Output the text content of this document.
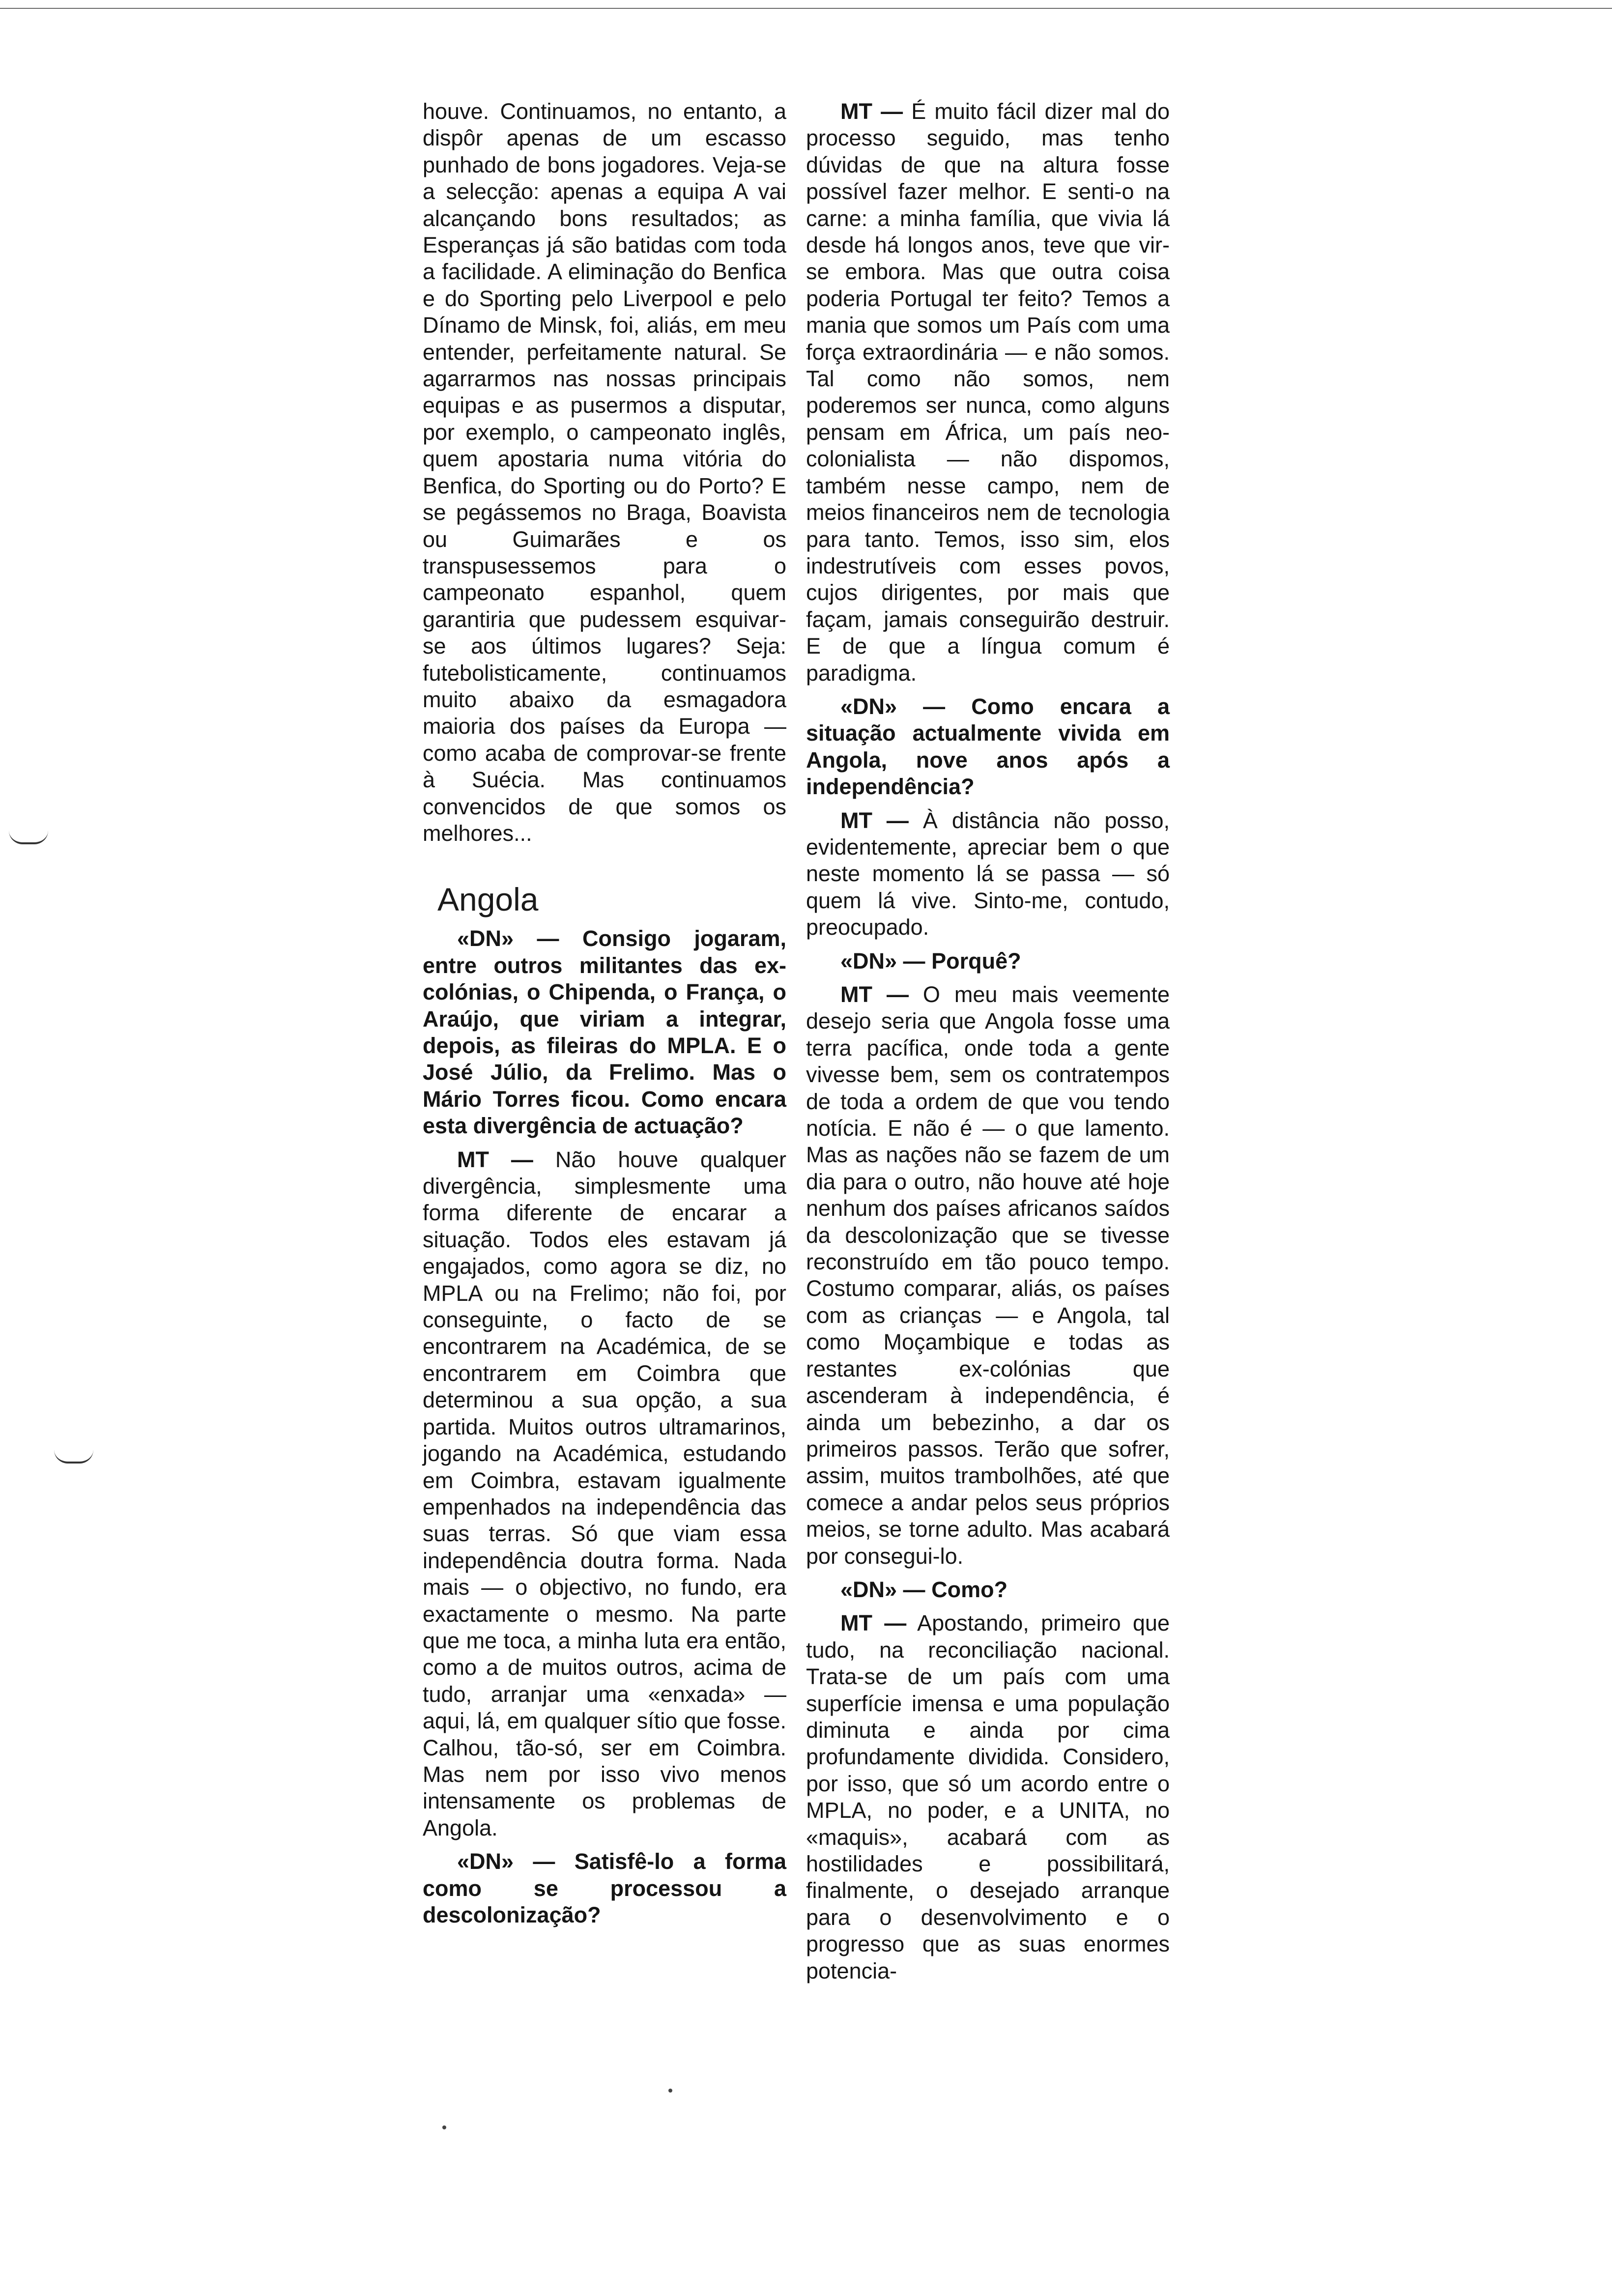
houve. Continuamos, no entanto, a dispôr apenas de um escasso punhado de bons jogadores. Veja-se a selecção: apenas a equipa A vai alcançando bons resultados; as Esperanças já são batidas com toda a facilidade. A eliminação do Benfica e do Sporting pelo Liverpool e pelo Dínamo de Minsk, foi, aliás, em meu entender, perfeitamente natural. Se agarrarmos nas nossas principais equipas e as pusermos a disputar, por exemplo, o campeonato inglês, quem apostaria numa vitória do Benfica, do Sporting ou do Porto? E se pegássemos no Braga, Boavista ou Guimarães e os transpusessemos para o campeonato espanhol, quem garantiria que pudessem esquivar-se aos últimos lugares? Seja: futebolisticamente, continuamos muito abaixo da esmagadora maioria dos países da Europa — como acaba de comprovar-se frente à Suécia. Mas continuamos convencidos de que somos os melhores...

Angola

«DN» — Consigo jogaram, entre outros militantes das ex-colónias, o Chipenda, o França, o Araújo, que viriam a integrar, depois, as fileiras do MPLA. E o José Júlio, da Frelimo. Mas o Mário Torres ficou. Como encara esta divergência de actuação?

MT — Não houve qualquer divergência, simplesmente uma forma diferente de encarar a situação. Todos eles estavam já engajados, como agora se diz, no MPLA ou na Frelimo; não foi, por conseguinte, o facto de se encontrarem na Académica, de se encontrarem em Coimbra que determinou a sua opção, a sua partida. Muitos outros ultramarinos, jogando na Académica, estudando em Coimbra, estavam igualmente empenhados na independência das suas terras. Só que viam essa independência doutra forma. Nada mais — o objectivo, no fundo, era exactamente o mesmo. Na parte que me toca, a minha luta era então, como a de muitos outros, acima de tudo, arranjar uma «enxada» — aqui, lá, em qualquer sítio que fosse. Calhou, tão-só, ser em Coimbra. Mas nem por isso vivo menos intensamente os problemas de Angola.

«DN» — Satisfê-lo a forma como se processou a descolonização?

MT — É muito fácil dizer mal do processo seguido, mas tenho dúvidas de que na altura fosse possível fazer melhor. E senti-o na carne: a minha família, que vivia lá desde há longos anos, teve que vir-se embora. Mas que outra coisa poderia Portugal ter feito? Temos a mania que somos um País com uma força extraordinária — e não somos. Tal como não somos, nem poderemos ser nunca, como alguns pensam em África, um país neo-colonialista — não dispomos, também nesse campo, nem de meios financeiros nem de tecnologia para tanto. Temos, isso sim, elos indestrutíveis com esses povos, cujos dirigentes, por mais que façam, jamais conseguirão destruir. E de que a língua comum é paradigma.

«DN» — Como encara a situação actualmente vivida em Angola, nove anos após a independência?

MT — À distância não posso, evidentemente, apreciar bem o que neste momento lá se passa — só quem lá vive. Sinto-me, contudo, preocupado.

«DN» — Porquê?

MT — O meu mais veemente desejo seria que Angola fosse uma terra pacífica, onde toda a gente vivesse bem, sem os contratempos de toda a ordem de que vou tendo notícia. E não é — o que lamento. Mas as nações não se fazem de um dia para o outro, não houve até hoje nenhum dos países africanos saídos da descolonização que se tivesse reconstruído em tão pouco tempo. Costumo comparar, aliás, os países com as crianças — e Angola, tal como Moçambique e todas as restantes ex-colónias que ascenderam à independência, é ainda um bebezinho, a dar os primeiros passos. Terão que sofrer, assim, muitos trambolhões, até que comece a andar pelos seus próprios meios, se torne adulto. Mas acabará por consegui-lo.

«DN» — Como?

MT — Apostando, primeiro que tudo, na reconciliação nacional. Trata-se de um país com uma superfície imensa e uma população diminuta e ainda por cima profundamente dividida. Considero, por isso, que só um acordo entre o MPLA, no poder, e a UNITA, no «maquis», acabará com as hostilidades e possibilitará, finalmente, o desejado arranque para o desenvolvimento e o progresso que as suas enormes potencia-
